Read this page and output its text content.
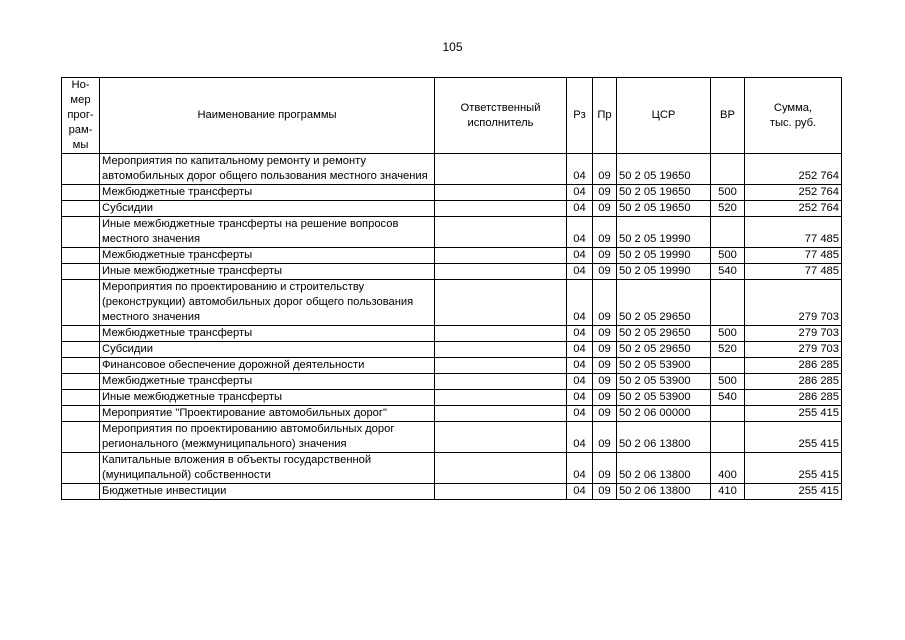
105
Но-
мер
прог-
рам-
мы	Наименование программы	Ответственный
исполнитель	Рз	Пр	ЦСР	ВР	Сумма,
тыс. руб.
	Мероприятия по капитальному ремонту и ремонту автомобильных дорог общего пользования местного значения		04	09	50 2 05 19650		252 764
	Межбюджетные трансферты		04	09	50 2 05 19650	500	252 764
	Субсидии		04	09	50 2 05 19650	520	252 764
	Иные межбюджетные трансферты на решение вопросов местного значения		04	09	50 2 05 19990		77 485
	Межбюджетные трансферты		04	09	50 2 05 19990	500	77 485
	Иные межбюджетные трансферты		04	09	50 2 05 19990	540	77 485
	Мероприятия по проектированию и строительству (реконструкции) автомобильных дорог общего пользования местного значения		04	09	50 2 05 29650		279 703
	Межбюджетные трансферты		04	09	50 2 05 29650	500	279 703
	Субсидии		04	09	50 2 05 29650	520	279 703
	Финансовое обеспечение дорожной деятельности		04	09	50 2 05 53900		286 285
	Межбюджетные трансферты		04	09	50 2 05 53900	500	286 285
	Иные межбюджетные трансферты		04	09	50 2 05 53900	540	286 285
	Мероприятие "Проектирование автомобильных дорог"		04	09	50 2 06 00000		255 415
	Мероприятия по проектированию автомобильных дорог регионального (межмуниципального) значения		04	09	50 2 06 13800		255 415
	Капитальные вложения в объекты государственной (муниципальной) собственности		04	09	50 2 06 13800	400	255 415
	Бюджетные инвестиции		04	09	50 2 06 13800	410	255 415
